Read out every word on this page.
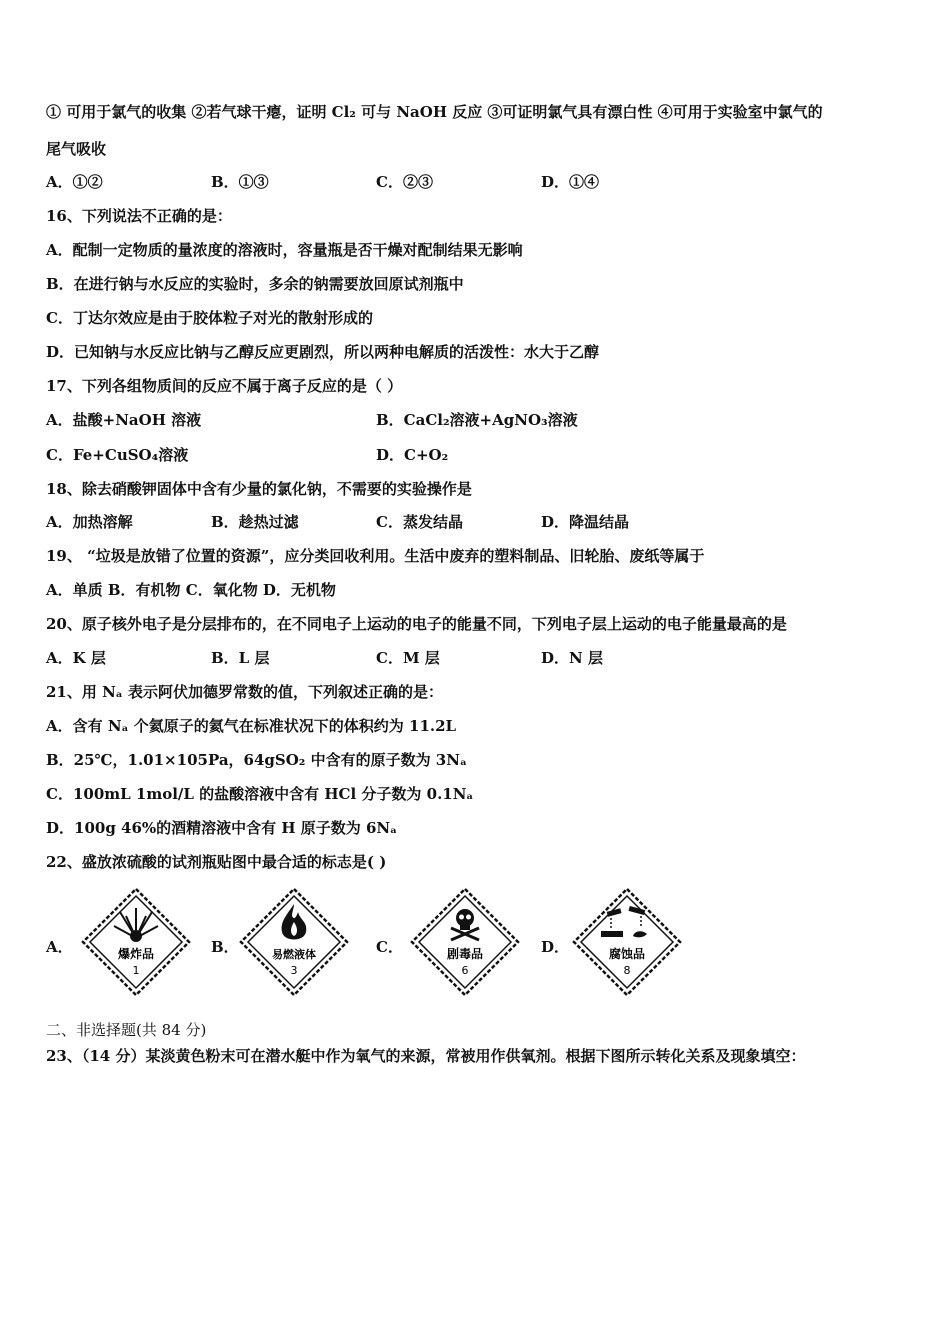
① 可用于氯气的收集 ②若气球干瘪，证明 Cl₂ 可与 NaOH 反应 ③可证明氯气具有漂白性 ④可用于实验室中氯气的
尾气吸收
A．①②	B．①③	C．②③	D．①④
16、下列说法不正确的是：
A．配制一定物质的量浓度的溶液时，容量瓶是否干燥对配制结果无影响
B．在进行钠与水反应的实验时，多余的钠需要放回原试剂瓶中
C．丁达尔效应是由于胶体粒子对光的散射形成的
D．已知钠与水反应比钠与乙醇反应更剧烈，所以两种电解质的活泼性：水大于乙醇
17、下列各组物质间的反应不属于离子反应的是（ ）
A．盐酸+NaOH 溶液	B．CaCl₂溶液+AgNO₃溶液
C．Fe+CuSO₄溶液	D．C+O₂
18、除去硝酸钾固体中含有少量的氯化钠，不需要的实验操作是
A．加热溶解	B．趁热过滤	C．蒸发结晶	D．降温结晶
19、 “垃圾是放错了位置的资源”，应分类回收利用。生活中废弃的塑料制品、旧轮胎、废纸等属于
A．单质 B．有机物 C．氧化物 D．无机物
20、原子核外电子是分层排布的，在不同电子上运动的电子的能量不同，下列电子层上运动的电子能量最高的是
A．K 层	B．L 层	C．M 层	D．N 层
21、用 Nₐ 表示阿伏加德罗常数的值，下列叙述正确的是：
A．含有 Nₐ 个氦原子的氦气在标准状况下的体积约为 11.2L
B．25℃，1.01×105Pa，64gSO₂ 中含有的原子数为 3Nₐ
C．100mL 1mol/L 的盐酸溶液中含有 HCl 分子数为 0.1Nₐ
D．100g 46%的酒精溶液中含有 H 原子数为 6Nₐ
22、盛放浓硫酸的试剂瓶贴图中最合适的标志是( )
A．	B．	C．	D．
爆炸品
1
易燃液体
3
剧毒品
6
腐蚀品
8
二、非选择题(共 84 分)
23、（14 分）某淡黄色粉末可在潜水艇中作为氧气的来源，常被用作供氧剂。根据下图所示转化关系及现象填空：
